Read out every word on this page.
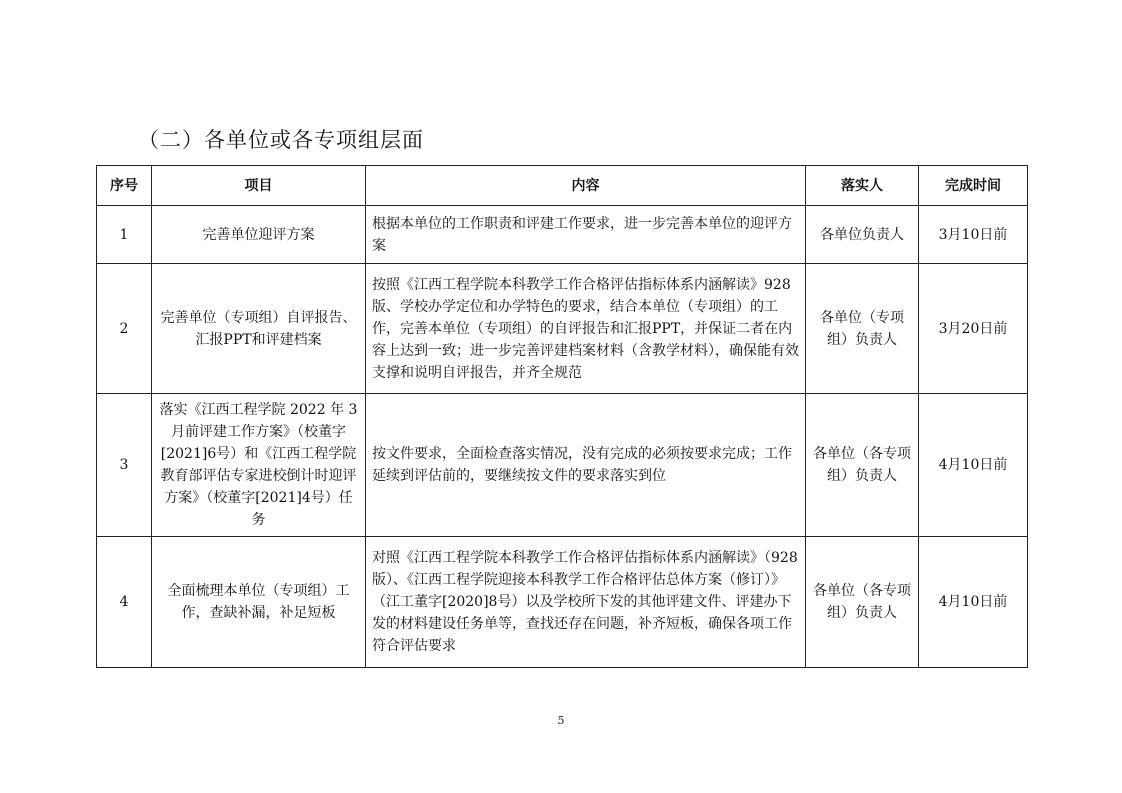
（二）各单位或各专项组层面
序号	项目	内容	落实人	完成时间
1	完善单位迎评方案	根据本单位的工作职责和评建工作要求，进一步完善本单位的迎评方案	各单位负责人	3月10日前
2	完善单位（专项组）自评报告、汇报PPT和评建档案	按照《江西工程学院本科教学工作合格评估指标体系内涵解读》928版、学校办学定位和办学特色的要求，结合本单位（专项组）的工作，完善本单位（专项组）的自评报告和汇报PPT，并保证二者在内容上达到一致；进一步完善评建档案材料（含教学材料），确保能有效支撑和说明自评报告，并齐全规范	各单位（专项组）负责人	3月20日前
3	落实《江西工程学院 2022 年 3 月前评建工作方案》（校董字[2021]6号）和《江西工程学院教育部评估专家进校倒计时迎评方案》（校董字[2021]4号）任务	按文件要求，全面检查落实情况，没有完成的必须按要求完成；工作延续到评估前的，要继续按文件的要求落实到位	各单位（各专项组）负责人	4月10日前
4	全面梳理本单位（专项组）工作，查缺补漏，补足短板	对照《江西工程学院本科教学工作合格评估指标体系内涵解读》（928版）、《江西工程学院迎接本科教学工作合格评估总体方案（修订）》（江工董字[2020]8号）以及学校所下发的其他评建文件、评建办下发的材料建设任务单等，查找还存在问题，补齐短板，确保各项工作符合评估要求	各单位（各专项组）负责人	4月10日前
5
